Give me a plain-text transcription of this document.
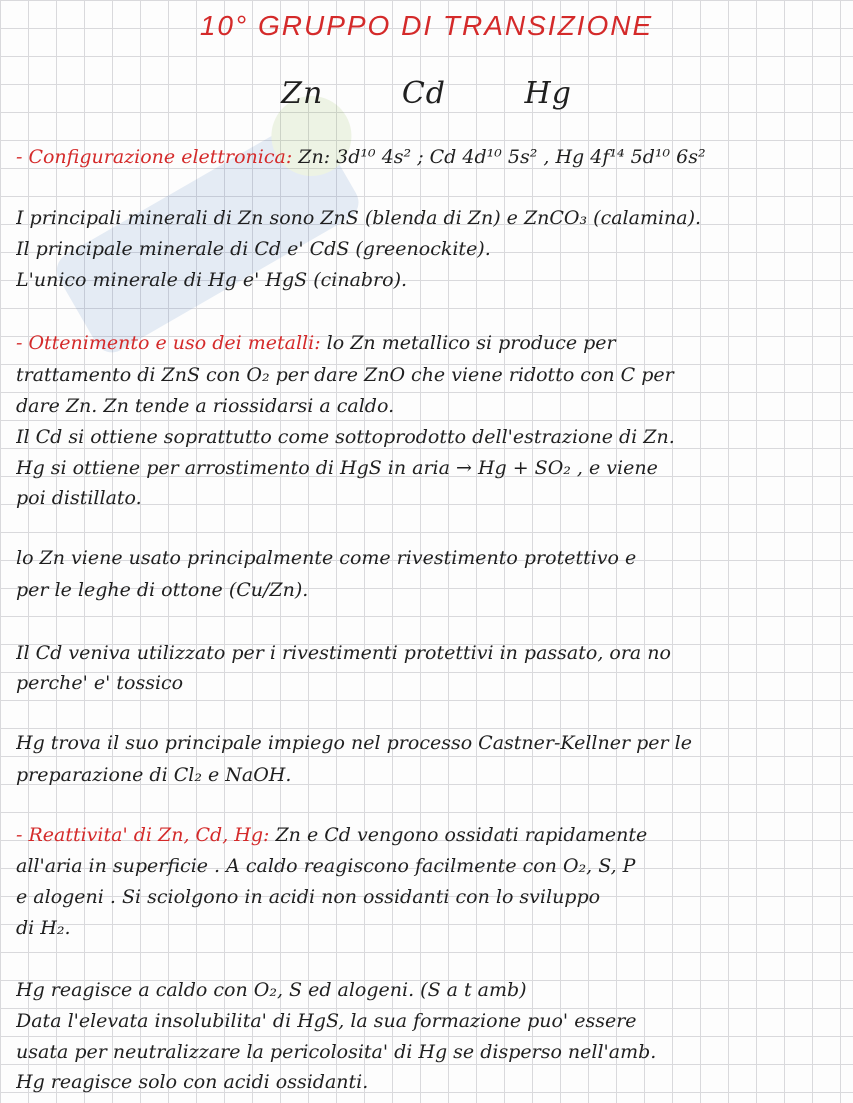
10° GRUPPO DI TRANSIZIONE
Zn	Cd	Hg
- Configurazione elettronica: Zn: 3d¹⁰ 4s² ; Cd 4d¹⁰ 5s² , Hg 4f¹⁴ 5d¹⁰ 6s²
I principali minerali di Zn sono ZnS (blenda di Zn) e ZnCO₃ (calamina).
Il principale minerale di Cd e' CdS (greenockite).
L'unico minerale di Hg e' HgS (cinabro).
- Ottenimento e uso dei metalli: lo Zn metallico si produce per
trattamento di ZnS con O₂ per dare ZnO che viene ridotto con C per
dare Zn. Zn tende a riossidarsi a caldo.
Il Cd si ottiene soprattutto come sottoprodotto dell'estrazione di Zn.
Hg si ottiene per arrostimento di HgS in aria → Hg + SO₂ , e viene
poi distillato.
lo Zn viene usato principalmente come rivestimento protettivo e
per le leghe di ottone (Cu/Zn).
Il Cd veniva utilizzato per i rivestimenti protettivi in passato, ora no
perche' e' tossico
Hg trova il suo principale impiego nel processo Castner-Kellner per le
preparazione di Cl₂ e NaOH.
- Reattivita' di Zn, Cd, Hg: Zn e Cd vengono ossidati rapidamente
all'aria in superficie . A caldo reagiscono facilmente con O₂, S, P
e alogeni . Si sciolgono in acidi non ossidanti con lo sviluppo
di H₂.
Hg reagisce a caldo con O₂, S ed alogeni. (S a t amb)
Data l'elevata insolubilita' di HgS, la sua formazione puo' essere
usata per neutralizzare la pericolosita' di Hg se disperso nell'amb.
Hg reagisce solo con acidi ossidanti.
